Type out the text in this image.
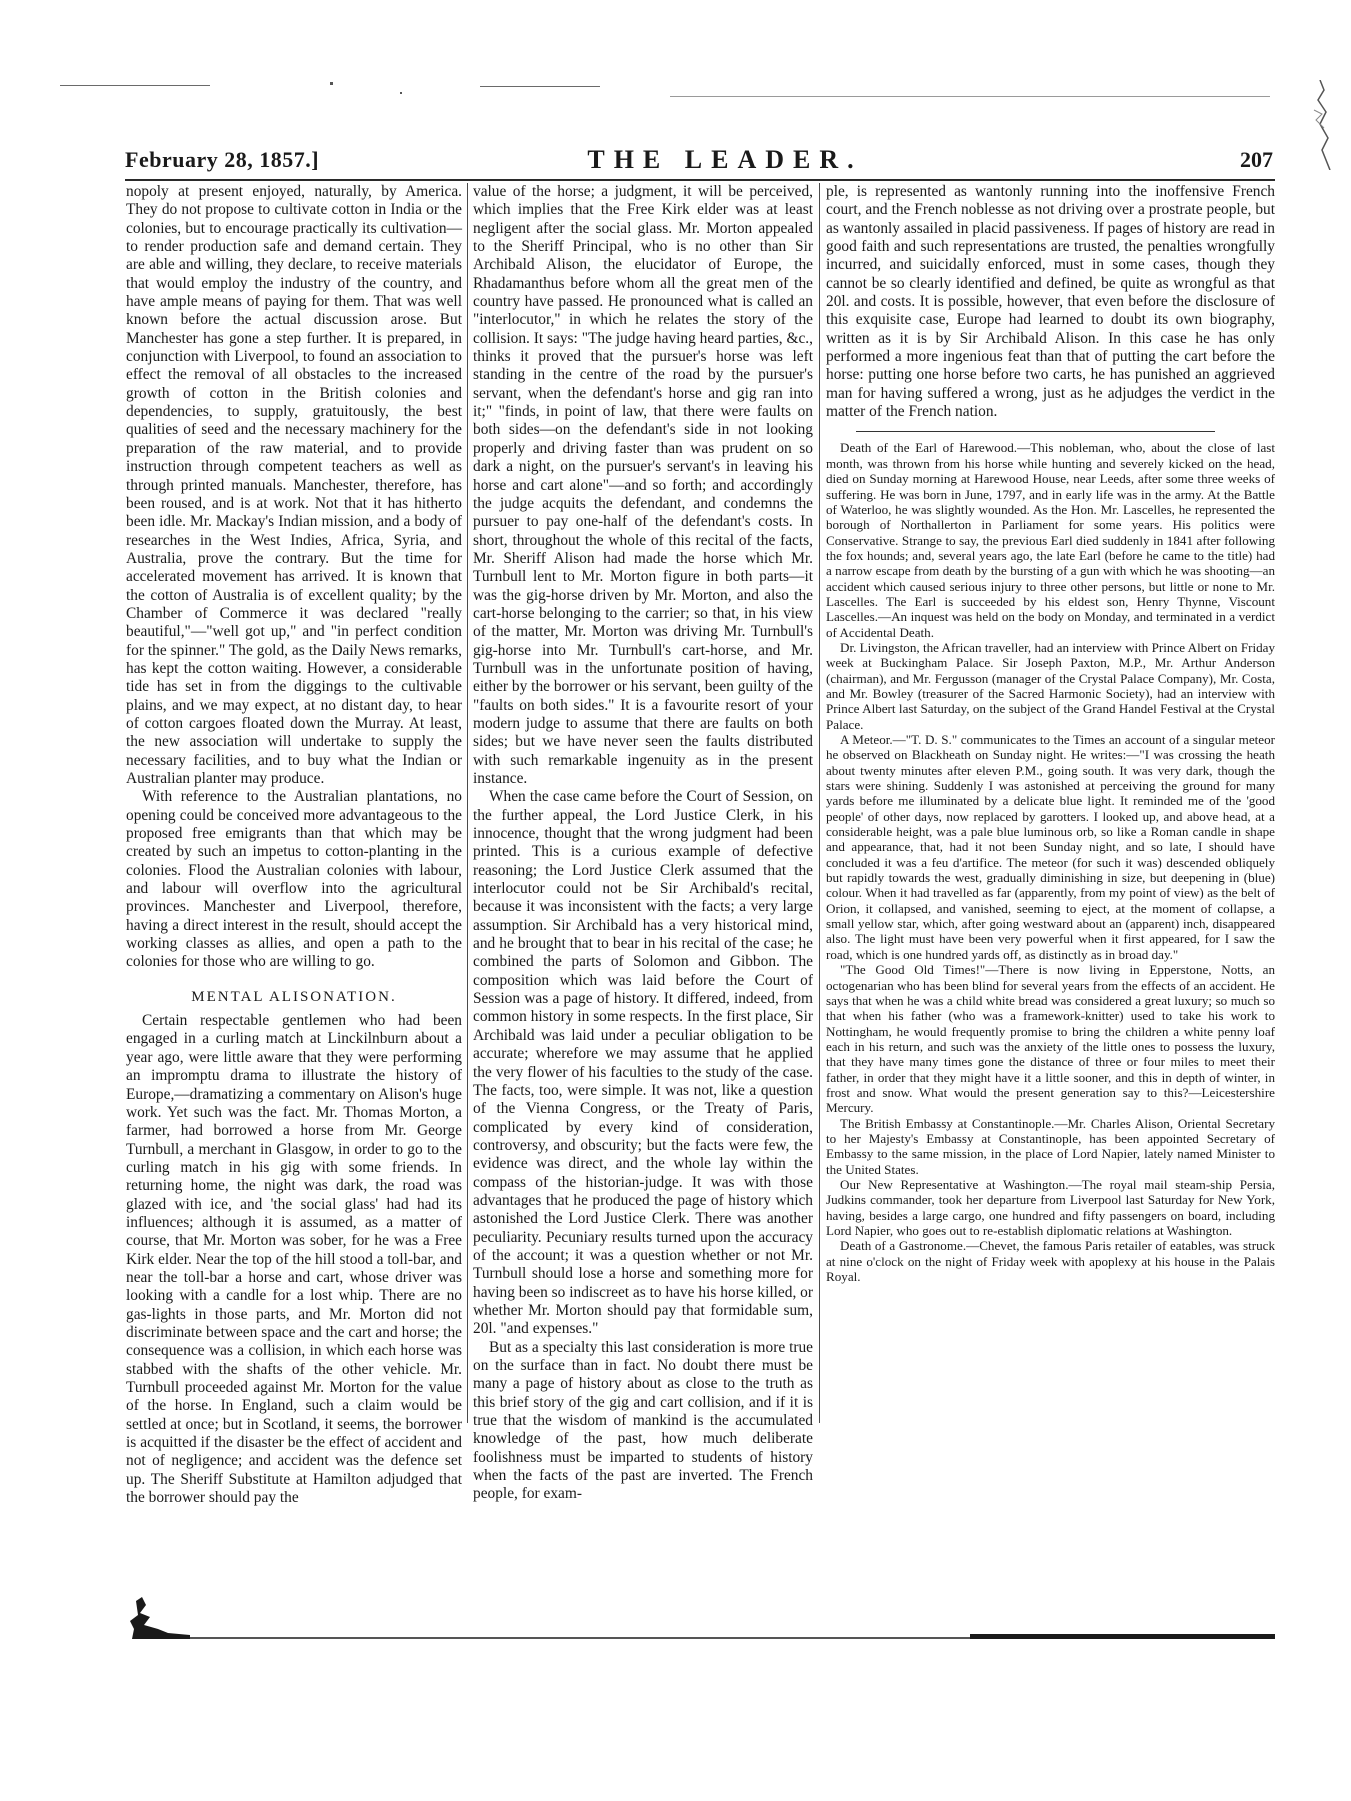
February 28, 1857.]	THE LEADER.	207

nopoly at present enjoyed, naturally, by America. They do not propose to cultivate cotton in India or the colonies, but to encourage practically its cultivation—to render production safe and demand certain. They are able and willing, they declare, to receive materials that would employ the industry of the country, and have ample means of paying for them. That was well known before the actual discussion arose. But Manchester has gone a step further. It is prepared, in conjunction with Liverpool, to found an association to effect the removal of all obstacles to the increased growth of cotton in the British colonies and dependencies, to supply, gratuitously, the best qualities of seed and the necessary machinery for the preparation of the raw material, and to provide instruction through competent teachers as well as through printed manuals. Manchester, therefore, has been roused, and is at work. Not that it has hitherto been idle. Mr. Mackay's Indian mission, and a body of researches in the West Indies, Africa, Syria, and Australia, prove the contrary. But the time for accelerated movement has arrived. It is known that the cotton of Australia is of excellent quality; by the Chamber of Commerce it was declared "really beautiful,"—"well got up," and "in perfect condition for the spinner." The gold, as the Daily News remarks, has kept the cotton waiting. However, a considerable tide has set in from the diggings to the cultivable plains, and we may expect, at no distant day, to hear of cotton cargoes floated down the Murray. At least, the new association will undertake to supply the necessary facilities, and to buy what the Indian or Australian planter may produce.

With reference to the Australian plantations, no opening could be conceived more advantageous to the proposed free emigrants than that which may be created by such an impetus to cotton-planting in the colonies. Flood the Australian colonies with labour, and labour will overflow into the agricultural provinces. Manchester and Liverpool, therefore, having a direct interest in the result, should accept the working classes as allies, and open a path to the colonies for those who are willing to go.

MENTAL ALISONATION.

Certain respectable gentlemen who had been engaged in a curling match at Linckilnburn about a year ago, were little aware that they were performing an impromptu drama to illustrate the history of Europe,—dramatizing a commentary on Alison's huge work. Yet such was the fact. Mr. Thomas Morton, a farmer, had borrowed a horse from Mr. George Turnbull, a merchant in Glasgow, in order to go to the curling match in his gig with some friends. In returning home, the night was dark, the road was glazed with ice, and 'the social glass' had had its influences; although it is assumed, as a matter of course, that Mr. Morton was sober, for he was a Free Kirk elder. Near the top of the hill stood a toll-bar, and near the toll-bar a horse and cart, whose driver was looking with a candle for a lost whip. There are no gas-lights in those parts, and Mr. Morton did not discriminate between space and the cart and horse; the consequence was a collision, in which each horse was stabbed with the shafts of the other vehicle. Mr. Turnbull proceeded against Mr. Morton for the value of the horse. In England, such a claim would be settled at once; but in Scotland, it seems, the borrower is acquitted if the disaster be the effect of accident and not of negligence; and accident was the defence set up. The Sheriff Substitute at Hamilton adjudged that the borrower should pay the

value of the horse; a judgment, it will be perceived, which implies that the Free Kirk elder was at least negligent after the social glass. Mr. Morton appealed to the Sheriff Principal, who is no other than Sir Archibald Alison, the elucidator of Europe, the Rhadamanthus before whom all the great men of the country have passed. He pronounced what is called an "interlocutor," in which he relates the story of the collision. It says: "The judge having heard parties, &c., thinks it proved that the pursuer's horse was left standing in the centre of the road by the pursuer's servant, when the defendant's horse and gig ran into it;" "finds, in point of law, that there were faults on both sides—on the defendant's side in not looking properly and driving faster than was prudent on so dark a night, on the pursuer's servant's in leaving his horse and cart alone"—and so forth; and accordingly the judge acquits the defendant, and condemns the pursuer to pay one-half of the defendant's costs. In short, throughout the whole of this recital of the facts, Mr. Sheriff Alison had made the horse which Mr. Turnbull lent to Mr. Morton figure in both parts—it was the gig-horse driven by Mr. Morton, and also the cart-horse belonging to the carrier; so that, in his view of the matter, Mr. Morton was driving Mr. Turnbull's gig-horse into Mr. Turnbull's cart-horse, and Mr. Turnbull was in the unfortunate position of having, either by the borrower or his servant, been guilty of the "faults on both sides." It is a favourite resort of your modern judge to assume that there are faults on both sides; but we have never seen the faults distributed with such remarkable ingenuity as in the present instance.

When the case came before the Court of Session, on the further appeal, the Lord Justice Clerk, in his innocence, thought that the wrong judgment had been printed. This is a curious example of defective reasoning; the Lord Justice Clerk assumed that the interlocutor could not be Sir Archibald's recital, because it was inconsistent with the facts; a very large assumption. Sir Archibald has a very historical mind, and he brought that to bear in his recital of the case; he combined the parts of Solomon and Gibbon. The composition which was laid before the Court of Session was a page of history. It differed, indeed, from common history in some respects. In the first place, Sir Archibald was laid under a peculiar obligation to be accurate; wherefore we may assume that he applied the very flower of his faculties to the study of the case. The facts, too, were simple. It was not, like a question of the Vienna Congress, or the Treaty of Paris, complicated by every kind of consideration, controversy, and obscurity; but the facts were few, the evidence was direct, and the whole lay within the compass of the historian-judge. It was with those advantages that he produced the page of history which astonished the Lord Justice Clerk. There was another peculiarity. Pecuniary results turned upon the accuracy of the account; it was a question whether or not Mr. Turnbull should lose a horse and something more for having been so indiscreet as to have his horse killed, or whether Mr. Morton should pay that formidable sum, 20l. "and expenses."

But as a specialty this last consideration is more true on the surface than in fact. No doubt there must be many a page of history about as close to the truth as this brief story of the gig and cart collision, and if it is true that the wisdom of mankind is the accumulated knowledge of the past, how much deliberate foolishness must be imparted to students of history when the facts of the past are inverted. The French people, for exam-

ple, is represented as wantonly running into the inoffensive French court, and the French noblesse as not driving over a prostrate people, but as wantonly assailed in placid passiveness. If pages of history are read in good faith and such representations are trusted, the penalties wrongfully incurred, and suicidally enforced, must in some cases, though they cannot be so clearly identified and defined, be quite as wrongful as that 20l. and costs. It is possible, however, that even before the disclosure of this exquisite case, Europe had learned to doubt its own biography, written as it is by Sir Archibald Alison. In this case he has only performed a more ingenious feat than that of putting the cart before the horse: putting one horse before two carts, he has punished an aggrieved man for having suffered a wrong, just as he adjudges the verdict in the matter of the French nation.

Death of the Earl of Harewood.—This nobleman, who, about the close of last month, was thrown from his horse while hunting and severely kicked on the head, died on Sunday morning at Harewood House, near Leeds, after some three weeks of suffering. He was born in June, 1797, and in early life was in the army. At the Battle of Waterloo, he was slightly wounded. As the Hon. Mr. Lascelles, he represented the borough of Northallerton in Parliament for some years. His politics were Conservative. Strange to say, the previous Earl died suddenly in 1841 after following the fox hounds; and, several years ago, the late Earl (before he came to the title) had a narrow escape from death by the bursting of a gun with which he was shooting—an accident which caused serious injury to three other persons, but little or none to Mr. Lascelles. The Earl is succeeded by his eldest son, Henry Thynne, Viscount Lascelles.—An inquest was held on the body on Monday, and terminated in a verdict of Accidental Death.

Dr. Livingston, the African traveller, had an interview with Prince Albert on Friday week at Buckingham Palace. Sir Joseph Paxton, M.P., Mr. Arthur Anderson (chairman), and Mr. Fergusson (manager of the Crystal Palace Company), Mr. Costa, and Mr. Bowley (treasurer of the Sacred Harmonic Society), had an interview with Prince Albert last Saturday, on the subject of the Grand Handel Festival at the Crystal Palace.

A Meteor.—"T. D. S." communicates to the Times an account of a singular meteor he observed on Blackheath on Sunday night. He writes:—"I was crossing the heath about twenty minutes after eleven P.M., going south. It was very dark, though the stars were shining. Suddenly I was astonished at perceiving the ground for many yards before me illuminated by a delicate blue light. It reminded me of the 'good people' of other days, now replaced by garotters. I looked up, and above head, at a considerable height, was a pale blue luminous orb, so like a Roman candle in shape and appearance, that, had it not been Sunday night, and so late, I should have concluded it was a feu d'artifice. The meteor (for such it was) descended obliquely but rapidly towards the west, gradually diminishing in size, but deepening in (blue) colour. When it had travelled as far (apparently, from my point of view) as the belt of Orion, it collapsed, and vanished, seeming to eject, at the moment of collapse, a small yellow star, which, after going westward about an (apparent) inch, disappeared also. The light must have been very powerful when it first appeared, for I saw the road, which is one hundred yards off, as distinctly as in broad day."

"The Good Old Times!"—There is now living in Epperstone, Notts, an octogenarian who has been blind for several years from the effects of an accident. He says that when he was a child white bread was considered a great luxury; so much so that when his father (who was a framework-knitter) used to take his work to Nottingham, he would frequently promise to bring the children a white penny loaf each in his return, and such was the anxiety of the little ones to possess the luxury, that they have many times gone the distance of three or four miles to meet their father, in order that they might have it a little sooner, and this in depth of winter, in frost and snow. What would the present generation say to this?—Leicestershire Mercury.

The British Embassy at Constantinople.—Mr. Charles Alison, Oriental Secretary to her Majesty's Embassy at Constantinople, has been appointed Secretary of Embassy to the same mission, in the place of Lord Napier, lately named Minister to the United States.

Our New Representative at Washington.—The royal mail steam-ship Persia, Judkins commander, took her departure from Liverpool last Saturday for New York, having, besides a large cargo, one hundred and fifty passengers on board, including Lord Napier, who goes out to re-establish diplomatic relations at Washington.

Death of a Gastronome.—Chevet, the famous Paris retailer of eatables, was struck at nine o'clock on the night of Friday week with apoplexy at his house in the Palais Royal.
